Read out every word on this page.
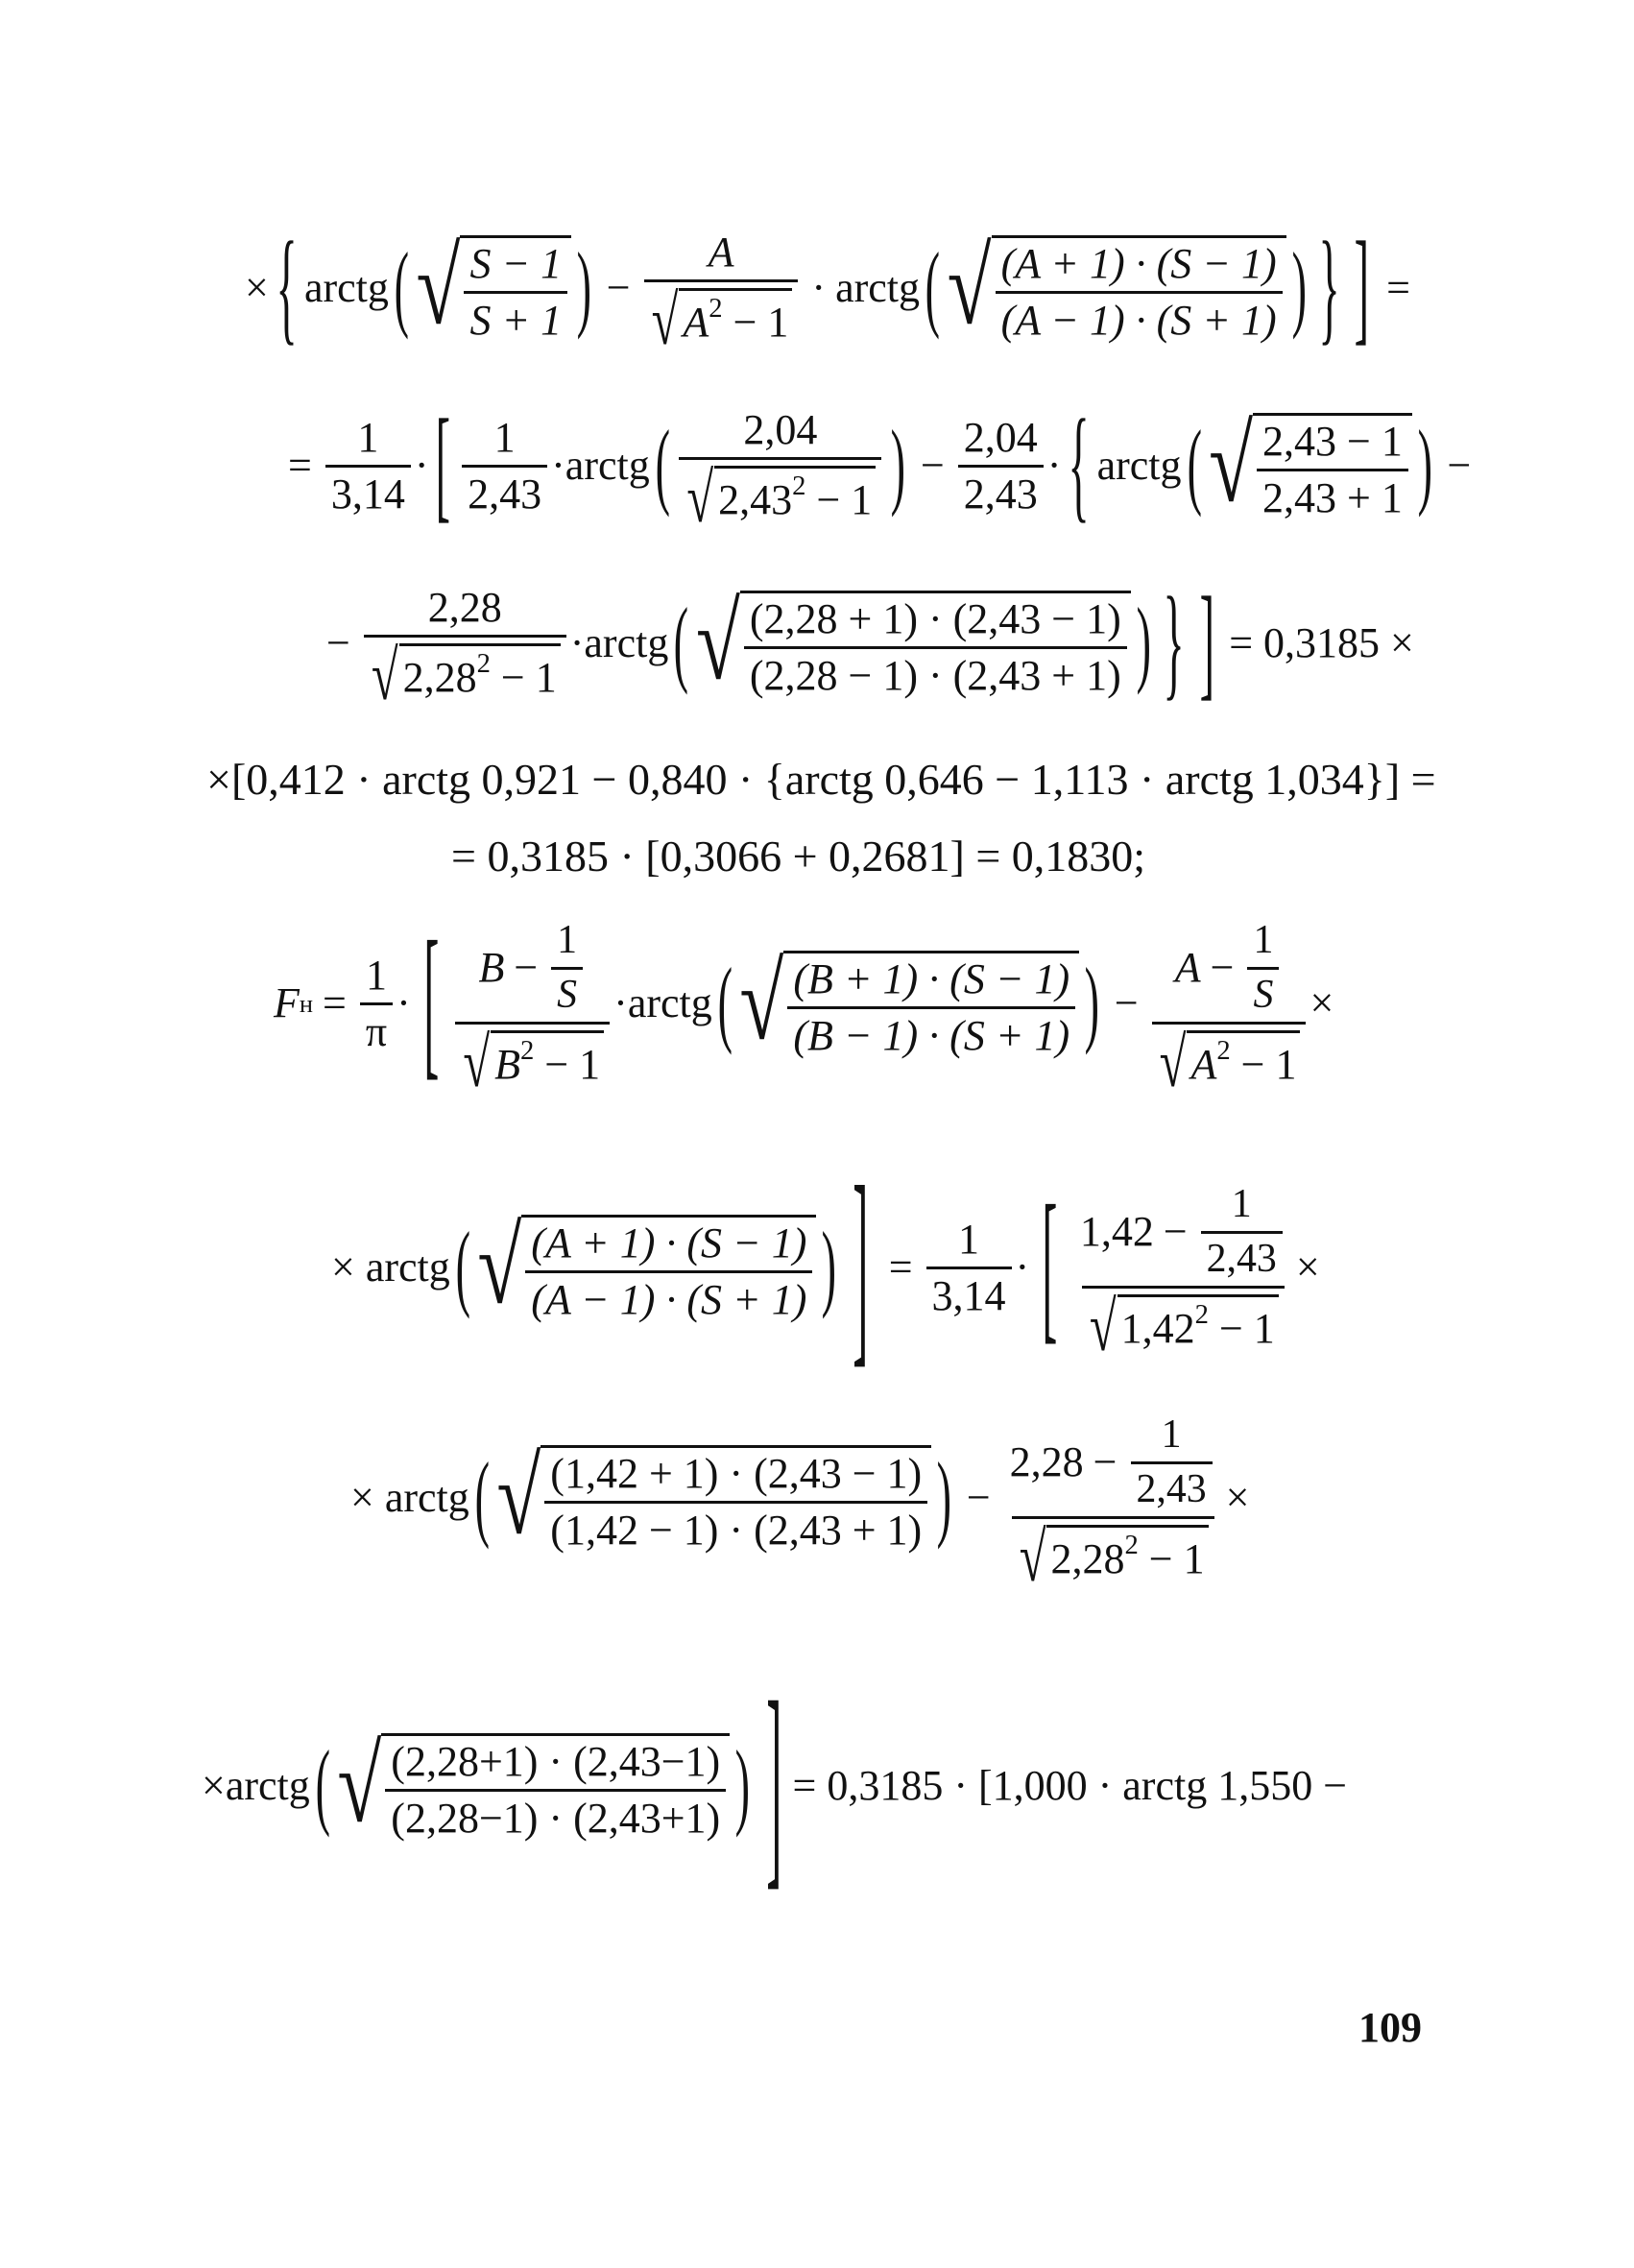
× { arctg ( √ $\frac{S - 1}{S + 1}$ ) − $\frac{A}{√ A^2 - 1}$ · arctg ( √ $\frac{(A + 1) \cdot (S - 1)}{(A - 1) \cdot (S + 1)}$ ) } ] =
= $\frac{1}{3,14}$ · [ $\frac{1}{2,43}$ · arctg ( $\frac{2,04}{√ 2,43^2 - 1}$ ) − $\frac{2,04}{2,43}$ · { arctg ( √ $\frac{2,43 - 1}{2,43 + 1}$ ) −
− $\frac{2,28}{√ 2,28^2 - 1}$ · arctg ( √ $\frac{(2,28 + 1) \cdot (2,43 - 1)}{(2,28 - 1) \cdot (2,43 + 1)}$ ) } ] = 0,3185 ×
×[0,412 · arctg 0,921 − 0,840 · {arctg 0,646 − 1,113 · arctg 1,034}] =
= 0,3185 · [0,3066 + 0,2681] = 0,1830;
F $н = \frac{1}{\pi}$ · [ $\frac{B - \frac{1}{S}}{√ B^2 - 1}$ · arctg ( √ $\frac{(B + 1) \cdot (S - 1)}{(B - 1) \cdot (S + 1)}$ ) − $\frac{A - \frac{1}{S}}{√ A^2 - 1}$ ×
× arctg ( √ $\frac{(A + 1) \cdot (S - 1)}{(A - 1) \cdot (S + 1)}$ ) ] = $\frac{1}{3,14}$ · [ $\frac{1,42 - \frac{1}{2,43}}{√ 1,42^2 - 1}$ ×
× arctg ( √ $\frac{(1,42 + 1) \cdot (2,43 - 1)}{(1,42 - 1) \cdot (2,43 + 1)}$ ) − $\frac{2,28 - \frac{1}{2,43}}{√ 2,28^2 - 1}$ ×
×arctg ( √ $\frac{(2,28+1) \cdot (2,43-1)}{(2,28-1) \cdot (2,43+1)}$ ) ] = 0,3185 · [1,000 · arctg 1,550 −
109
